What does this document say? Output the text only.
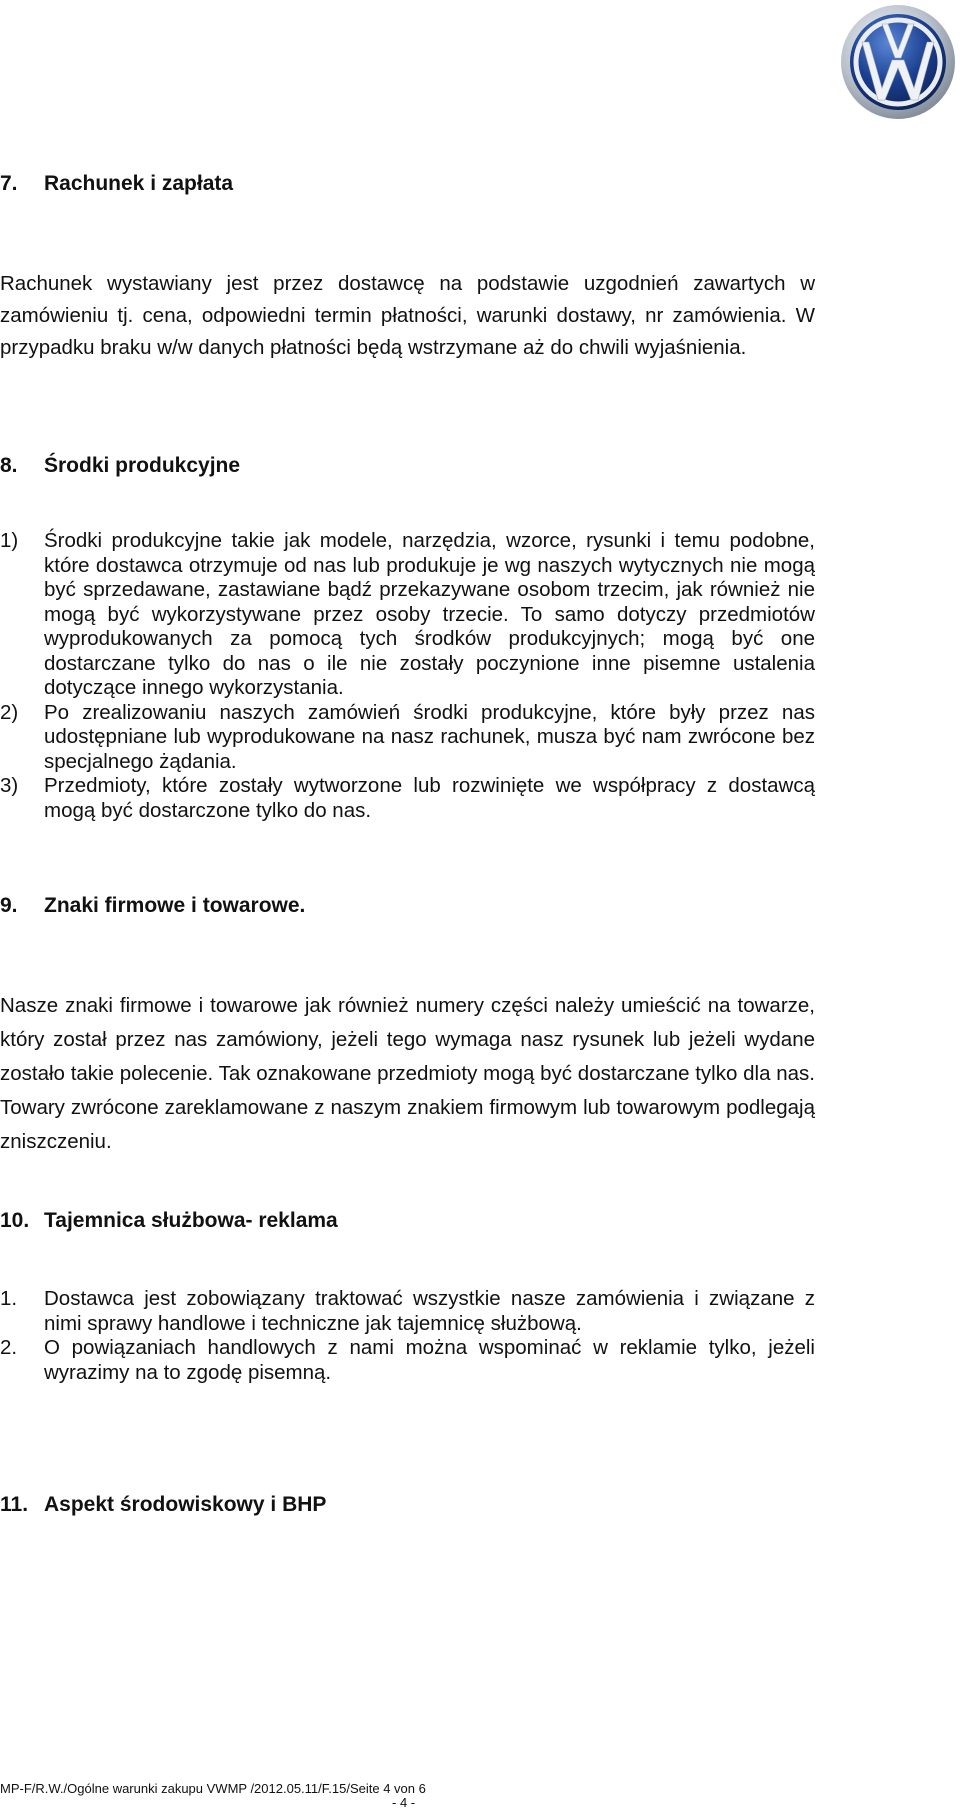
7. Rachunek i zapłata

Rachunek wystawiany jest przez dostawcę na podstawie uzgodnień zawartych w zamówieniu tj. cena, odpowiedni termin płatności, warunki dostawy, nr zamówienia. W przypadku braku w/w danych płatności będą wstrzymane aż do chwili wyjaśnienia.

8. Środki produkcyjne
1) Środki produkcyjne takie jak modele, narzędzia, wzorce, rysunki i temu podobne, które dostawca otrzymuje od nas lub produkuje je wg naszych wytycznych nie mogą być sprzedawane, zastawiane bądź przekazywane osobom trzecim, jak również nie mogą być wykorzystywane przez osoby trzecie. To samo dotyczy przedmiotów wyprodukowanych za pomocą tych środków produkcyjnych; mogą być one dostarczane tylko do nas o ile nie zostały poczynione inne pisemne ustalenia dotyczące innego wykorzystania.
2) Po zrealizowaniu naszych zamówień środki produkcyjne, które były przez nas udostępniane lub wyprodukowane na nasz rachunek, musza być nam zwrócone bez specjalnego żądania.
3) Przedmioty, które zostały wytworzone lub rozwinięte we współpracy z dostawcą mogą być dostarczone tylko do nas.
9. Znaki firmowe i towarowe.

Nasze znaki firmowe i towarowe jak również numery części należy umieścić na towarze, który został przez nas zamówiony, jeżeli tego wymaga nasz rysunek lub jeżeli wydane zostało takie polecenie. Tak oznakowane przedmioty mogą być dostarczane tylko dla nas. Towary zwrócone zareklamowane z naszym znakiem firmowym lub towarowym podlegają zniszczeniu.

10. Tajemnica służbowa- reklama
1. Dostawca jest zobowiązany traktować wszystkie nasze zamówienia i związane z nimi sprawy handlowe i techniczne jak tajemnicę służbową.
2. O powiązaniach handlowych z nami można wspominać w reklamie tylko, jeżeli wyrazimy na to zgodę pisemną.
11. Aspekt środowiskowy i BHP
MP-F/R.W./Ogólne warunki zakupu VWMP /2012.05.11/F.15/Seite 4 von 6
- 4 -
